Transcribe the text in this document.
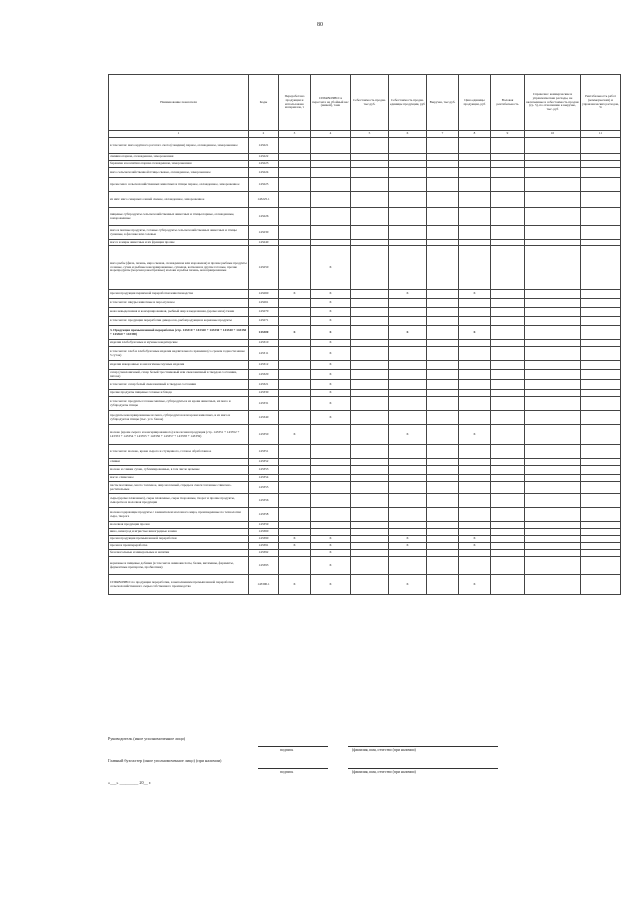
80
Наименование показателя	Коды	Переработано продукции и использовано материалов, т	СПРАВОЧНО: в пересчете на убойный вес (живой), тонн	Себестоимость продан. тыс.руб.	Себестоимость продан. единицы продукции, руб	Выручка, тыс.руб.	Цена единицы продукции, руб	Валовая рентабельность	Справочно: коммерческие и управленческие расходы, не включенные в себестоимость продаж (гр. 5), по отношению к выручке, тыс. руб	Рентабельность работ (коммерческих) и управленческих расходов, %
1	2	3	4	5	6	7	8	9	10	11
в том числе: мясо крупного рогатого скота (говядина) парное, охлажденное, замороженное	143221									
свинина парная, охлажденная, замороженная	143222									
баранина и козлятина парная охлажденная, замороженная	143223									
мясо сельскохозяйственной птицы свежее, охлажденное, замороженное	143224									
прочее мясо сельскохозяйственных животных и птицы парное, охлажденное, замороженное	143225									
из них: мясо северных оленей свежее, охлажденное, замороженное	143225.1									
пищевые субпродукты сельскохозяйственных животных и птицы парные, охлажденные, замороженные	143226									
мясо и мясные продукты, готовые субпродукты сельскохозяйственных животных и птицы сушеные, в фасовке или солевые	143230									
масса и жиры животные и их фракции прочие	143240									
мясо рыбы (филе, печень, икра свежая, охлажденная или мороженая) и прочие рыбные продукты соленые, сухие и рыбные консервированные, сушеная, копченая и другие готовые, прочие морепродукты (морская ракообразные) молоки и рыбья печень, консервированные	143250		Х							
прочая продукция первичной переработки животноводства	143260	Х	Х		Х		Х			
в том числе: шкуры животные и перо-пуховое	143261		Х							
кожа невыделанная и консервированная, рыбный жир и выделанная, (кроме меха) ткани	143270		Х							
в том числе: продукция переработки дикоросов, рыбопродукция и кормовые продукты	143271		Х							
3. Продукция промышленной переработки (стр. 143310 + 143320 + 143330 + 143340 + 143350 + 143360 + 143390)	143300	Х	Х		Х		Х			
изделия хлебобулочные и мучные кондитерские	143310		Х							
в том числе: хлеб и хлебобулочные изделия недлительного хранения (со сроком годности менее 5 суток)	143311		Х							
изделия макаронные и аналогичные мучные изделия	143312		Х							
сахар (свекловичный, сахар белый тростниковый или свекловичный в твердом состоянии, патока)	143320		Х							
в том числе: сахар белый свекловичный в твердом состоянии	143321		Х							
прочие продукты пищевые готовые и блюда	143330		Х							
в том числе: продукты готовые мясные, субпродукты и из крови животных, их мясо и субпродукты птицы	143331		Х							
продукты консервированные из мяса, субпродуктов или крови животных, и из мяса и субпродуктов птицы (тыс. усл. банок)	143340		Х							
молоко (кроме сырого и консервированного) и молочная продукция (стр. 143351 + 143352 + 143353 + 143354 + 143355 + 143356 + 143357 + 143358 + 143359)	143350	Х			Х		Х			
в том числе: молоко, кроме сырого и сгущенного, готовое обработанное	143351									
сливки	143352									
молоко и сливки сухие, сублимированные, в том числе цельные	143353									
масло сливочное	143354									
пасты масляные, масло топленое, жир молочный, спреды и смеси топленые сливочно-растительные	143355									
сыры (кроме плавленых), сыры плавленые, сыры творожные, творог и прочие продукты, сыворотка и молочная продукция	143356									
молокосодержащие продукты с заменителем молочного жира, произведенные по технологии сыра, творога	143358									
молочная продукция прочая	143359									
вино, виноград и игристые виноградные и вина	143360									
прочая продукция промышленной переработки	143390	Х	Х		Х		Х			
прочая и промпереработка	143391	Х	Х		Х		Х			
безалкогольные и минеральные и напитки	143392		Х							
кормовые и пищевые добавки (в том числе аминокислоты, белки, витамины, ферменты, ферментные препараты, пробиотики)	143393		Х							
СПРАВОЧНО: по продукции переработки, в выполнением промышленной переработки сельскохозяйственного сырья собственного производства	143390.1	Х	Х		Х		Х			
Руководитель (иное уполномоченное лицо)
подпись	(фамилия, имя, отчество (при наличии)
Главный бухгалтер (иное уполномоченное лицо) (при наличии)
подпись	(фамилия, имя, отчество (при наличии)
«___» _________ 20__ г.
